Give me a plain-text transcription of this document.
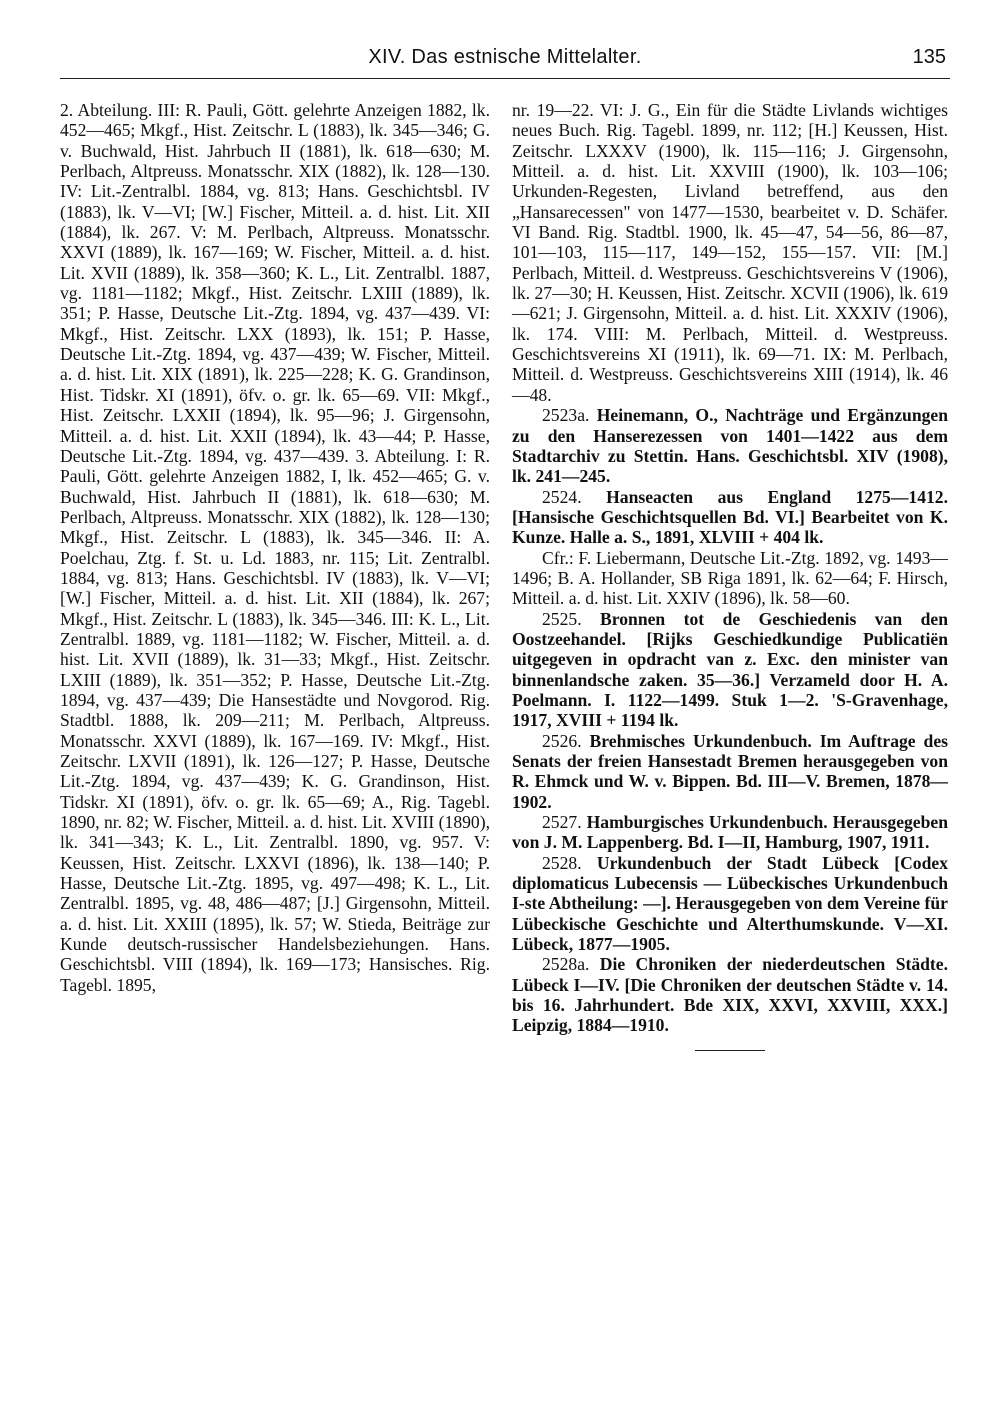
XIV. Das estnische Mittelalter.	135

2. Abteilung. III: R. Pauli, Gött. gelehrte Anzeigen 1882, lk. 452—465; Mkgf., Hist. Zeitschr. L (1883), lk. 345—346; G. v. Buchwald, Hist. Jahrbuch II (1881), lk. 618—630; M. Perlbach, Altpreuss. Monatsschr. XIX (1882), lk. 128—130. IV: Lit.-Zentralbl. 1884, vg. 813; Hans. Geschichtsbl. IV (1883), lk. V—VI; [W.] Fischer, Mitteil. a. d. hist. Lit. XII (1884), lk. 267. V: M. Perlbach, Altpreuss. Monatsschr. XXVI (1889), lk. 167—169; W. Fischer, Mitteil. a. d. hist. Lit. XVII (1889), lk. 358—360; K. L., Lit. Zentralbl. 1887, vg. 1181—1182; Mkgf., Hist. Zeitschr. LXIII (1889), lk. 351; P. Hasse, Deutsche Lit.-Ztg. 1894, vg. 437—439. VI: Mkgf., Hist. Zeitschr. LXX (1893), lk. 151; P. Hasse, Deutsche Lit.-Ztg. 1894, vg. 437—439; W. Fischer, Mitteil. a. d. hist. Lit. XIX (1891), lk. 225—228; K. G. Grandinson, Hist. Tidskr. XI (1891), öfv. o. gr. lk. 65—69. VII: Mkgf., Hist. Zeitschr. LXXII (1894), lk. 95—96; J. Girgensohn, Mitteil. a. d. hist. Lit. XXII (1894), lk. 43—44; P. Hasse, Deutsche Lit.-Ztg. 1894, vg. 437—439. 3. Abteilung. I: R. Pauli, Gött. gelehrte Anzeigen 1882, I, lk. 452—465; G. v. Buchwald, Hist. Jahrbuch II (1881), lk. 618—630; M. Perlbach, Altpreuss. Monatsschr. XIX (1882), lk. 128—130; Mkgf., Hist. Zeitschr. L (1883), lk. 345—346. II: A. Poelchau, Ztg. f. St. u. Ld. 1883, nr. 115; Lit. Zentralbl. 1884, vg. 813; Hans. Geschichtsbl. IV (1883), lk. V—VI; [W.] Fischer, Mitteil. a. d. hist. Lit. XII (1884), lk. 267; Mkgf., Hist. Zeitschr. L (1883), lk. 345—346. III: K. L., Lit. Zentralbl. 1889, vg. 1181—1182; W. Fischer, Mitteil. a. d. hist. Lit. XVII (1889), lk. 31—33; Mkgf., Hist. Zeitschr. LXIII (1889), lk. 351—352; P. Hasse, Deutsche Lit.-Ztg. 1894, vg. 437—439; Die Hansestädte und Novgorod. Rig. Stadtbl. 1888, lk. 209—211; M. Perlbach, Altpreuss. Monatsschr. XXVI (1889), lk. 167—169. IV: Mkgf., Hist. Zeitschr. LXVII (1891), lk. 126—127; P. Hasse, Deutsche Lit.-Ztg. 1894, vg. 437—439; K. G. Grandinson, Hist. Tidskr. XI (1891), öfv. o. gr. lk. 65—69; A., Rig. Tagebl. 1890, nr. 82; W. Fischer, Mitteil. a. d. hist. Lit. XVIII (1890), lk. 341—343; K. L., Lit. Zentralbl. 1890, vg. 957. V: Keussen, Hist. Zeitschr. LXXVI (1896), lk. 138—140; P. Hasse, Deutsche Lit.-Ztg. 1895, vg. 497—498; K. L., Lit. Zentralbl. 1895, vg. 48, 486—487; [J.] Girgensohn, Mitteil. a. d. hist. Lit. XXIII (1895), lk. 57; W. Stieda, Beiträge zur Kunde deutsch-russischer Handelsbeziehungen. Hans. Geschichtsbl. VIII (1894), lk. 169—173; Hansisches. Rig. Tagebl. 1895,

nr. 19—22. VI: J. G., Ein für die Städte Livlands wichtiges neues Buch. Rig. Tagebl. 1899, nr. 112; [H.] Keussen, Hist. Zeitschr. LXXXV (1900), lk. 115—116; J. Girgensohn, Mitteil. a. d. hist. Lit. XXVIII (1900), lk. 103—106; Urkunden-Regesten, Livland betreffend, aus den „Hansarecessen" von 1477—1530, bearbeitet v. D. Schäfer. VI Band. Rig. Stadtbl. 1900, lk. 45—47, 54—56, 86—87, 101—103, 115—117, 149—152, 155—157. VII: [M.] Perlbach, Mitteil. d. Westpreuss. Geschichtsvereins V (1906), lk. 27—30; H. Keussen, Hist. Zeitschr. XCVII (1906), lk. 619—621; J. Girgensohn, Mitteil. a. d. hist. Lit. XXXIV (1906), lk. 174. VIII: M. Perlbach, Mitteil. d. Westpreuss. Geschichtsvereins XI (1911), lk. 69—71. IX: M. Perlbach, Mitteil. d. Westpreuss. Geschichtsvereins XIII (1914), lk. 46—48.

2523a. Heinemann, O., Nachträge und Ergänzungen zu den Hanserezessen von 1401—1422 aus dem Stadtarchiv zu Stettin. Hans. Geschichtsbl. XIV (1908), lk. 241—245.

2524. Hanseacten aus England 1275—1412. [Hansische Geschichtsquellen Bd. VI.] Bearbeitet von K. Kunze. Halle a. S., 1891, XLVIII + 404 lk.

Cfr.: F. Liebermann, Deutsche Lit.-Ztg. 1892, vg. 1493—1496; B. A. Hollander, SB Riga 1891, lk. 62—64; F. Hirsch, Mitteil. a. d. hist. Lit. XXIV (1896), lk. 58—60.

2525. Bronnen tot de Geschiedenis van den Oostzeehandel. [Rijks Geschiedkundige Publicatiën uitgegeven in opdracht van z. Exc. den minister van binnenlandsche zaken. 35—36.] Verzameld door H. A. Poelmann. I. 1122—1499. Stuk 1—2. 'S-Gravenhage, 1917, XVIII + 1194 lk.

2526. Brehmisches Urkundenbuch. Im Auftrage des Senats der freien Hansestadt Bremen herausgegeben von R. Ehmck und W. v. Bippen. Bd. III—V. Bremen, 1878—1902.

2527. Hamburgisches Urkundenbuch. Herausgegeben von J. M. Lappenberg. Bd. I—II, Hamburg, 1907, 1911.

2528. Urkundenbuch der Stadt Lübeck [Codex diplomaticus Lubecensis — Lübeckisches Urkundenbuch I-ste Abtheilung: —]. Herausgegeben von dem Vereine für Lübeckische Geschichte und Alterthumskunde. V—XI. Lübeck, 1877—1905.

2528a. Die Chroniken der niederdeutschen Städte. Lübeck I—IV. [Die Chroniken der deutschen Städte v. 14. bis 16. Jahrhundert. Bde XIX, XXVI, XXVIII, XXX.] Leipzig, 1884—1910.
